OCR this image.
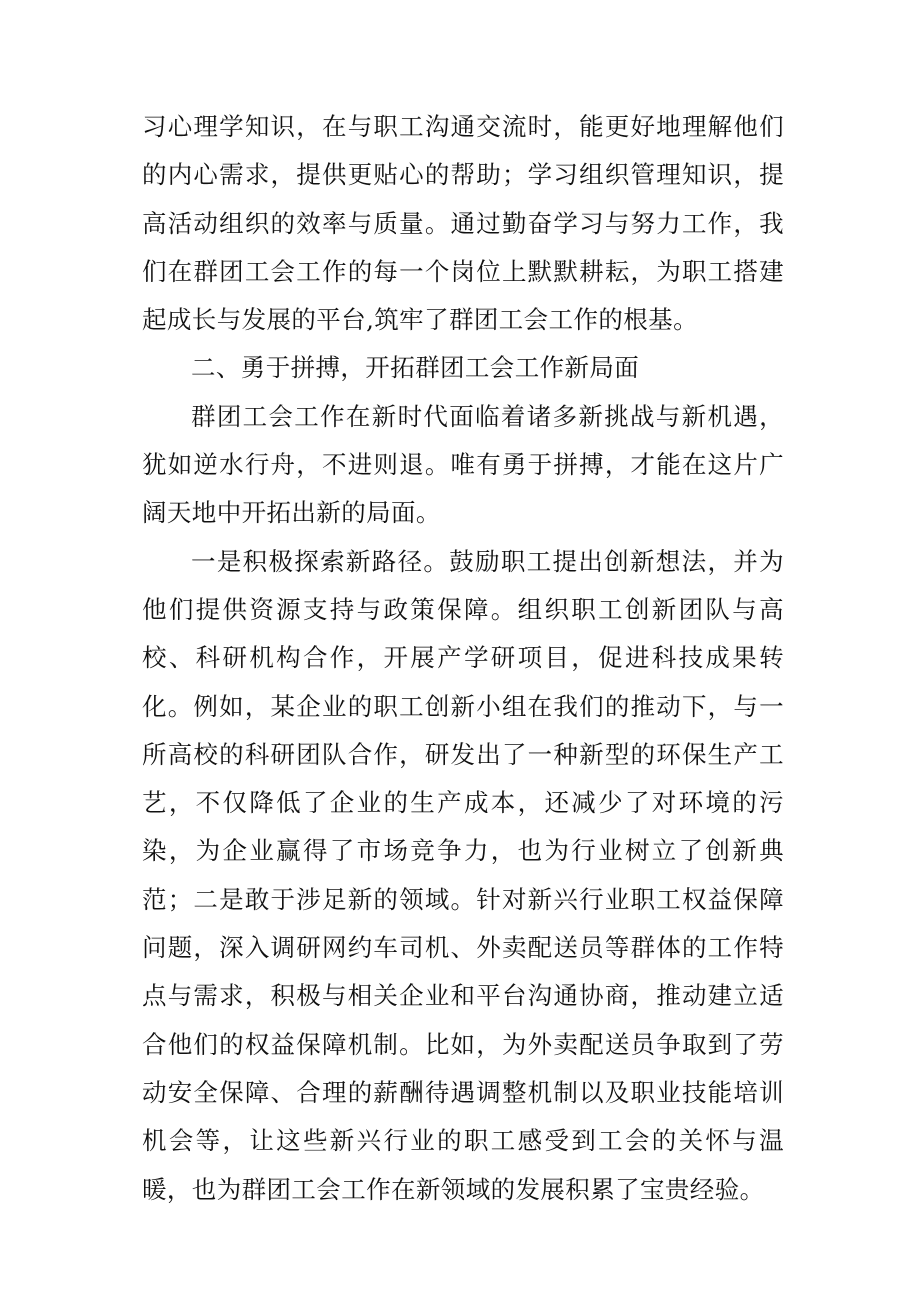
习心理学知识，在与职工沟通交流时，能更好地理解他们的内心需求，提供更贴心的帮助；学习组织管理知识，提高活动组织的效率与质量。通过勤奋学习与努力工作，我们在群团工会工作的每一个岗位上默默耕耘，为职工搭建起成长与发展的平台,筑牢了群团工会工作的根基。

二、勇于拼搏，开拓群团工会工作新局面

群团工会工作在新时代面临着诸多新挑战与新机遇，犹如逆水行舟，不进则退。唯有勇于拼搏，才能在这片广阔天地中开拓出新的局面。

一是积极探索新路径。鼓励职工提出创新想法，并为他们提供资源支持与政策保障。组织职工创新团队与高校、科研机构合作，开展产学研项目，促进科技成果转化。例如，某企业的职工创新小组在我们的推动下，与一所高校的科研团队合作，研发出了一种新型的环保生产工艺，不仅降低了企业的生产成本，还减少了对环境的污染，为企业赢得了市场竞争力，也为行业树立了创新典范；二是敢于涉足新的领域。针对新兴行业职工权益保障问题，深入调研网约车司机、外卖配送员等群体的工作特点与需求，积极与相关企业和平台沟通协商，推动建立适合他们的权益保障机制。比如，为外卖配送员争取到了劳动安全保障、合理的薪酬待遇调整机制以及职业技能培训机会等，让这些新兴行业的职工感受到工会的关怀与温暖，也为群团工会工作在新领域的发展积累了宝贵经验。
